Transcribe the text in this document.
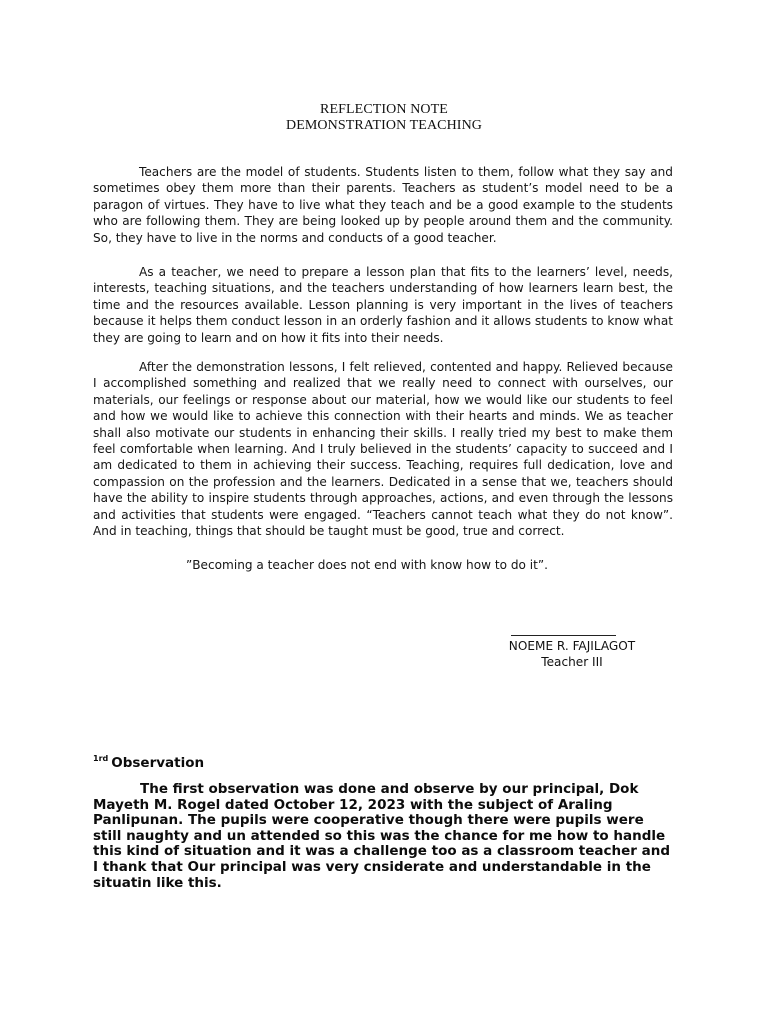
REFLECTION NOTE
DEMONSTRATION TEACHING
Teachers are the model of students. Students listen to them, follow what they say and sometimes obey them more than their parents. Teachers as student’s model need to be a paragon of virtues. They have to live what they teach and be a good example to the students who are following them. They are being looked up by people around them and the community. So, they have to live in the norms and conducts of a good teacher.
As a teacher, we need to prepare a lesson plan that fits to the learners’ level, needs, interests, teaching situations, and the teachers understanding of how learners learn best, the time and the resources available. Lesson planning is very important in the lives of teachers because it helps them conduct lesson in an orderly fashion and it allows students to know what they are going to learn and on how it fits into their needs.
After the demonstration lessons, I felt relieved, contented and happy. Relieved because I accomplished something and realized that we really need to connect with ourselves, our materials, our feelings or response about our material, how we would like our students to feel and how we would like to achieve this connection with their hearts and minds. We as teacher shall also motivate our students in enhancing their skills. I really tried my best to make them feel comfortable when learning. And I truly believed in the students’ capacity to succeed and I am dedicated to them in achieving their success. Teaching, requires full dedication, love and compassion on the profession and the learners. Dedicated in a sense that we, teachers should have the ability to inspire students through approaches, actions, and even through the lessons and activities that students were engaged. “Teachers cannot teach what they do not know”. And in teaching, things that should be taught must be good, true and correct.
”Becoming a teacher does not end with know how to do it”.
NOEME R. FAJILAGOT
Teacher III
$^{1rd}$ Observation
The first observation was done and observe by our principal, Dok Mayeth M. Rogel dated October 12, 2023 with the subject of Araling Panlipunan. The pupils were cooperative though there were pupils were still naughty and un attended so this was the chance for me how to handle this kind of situation and it was a challenge too as a classroom teacher and I thank that Our principal was very cnsiderate and understandable in the situatin like this.
